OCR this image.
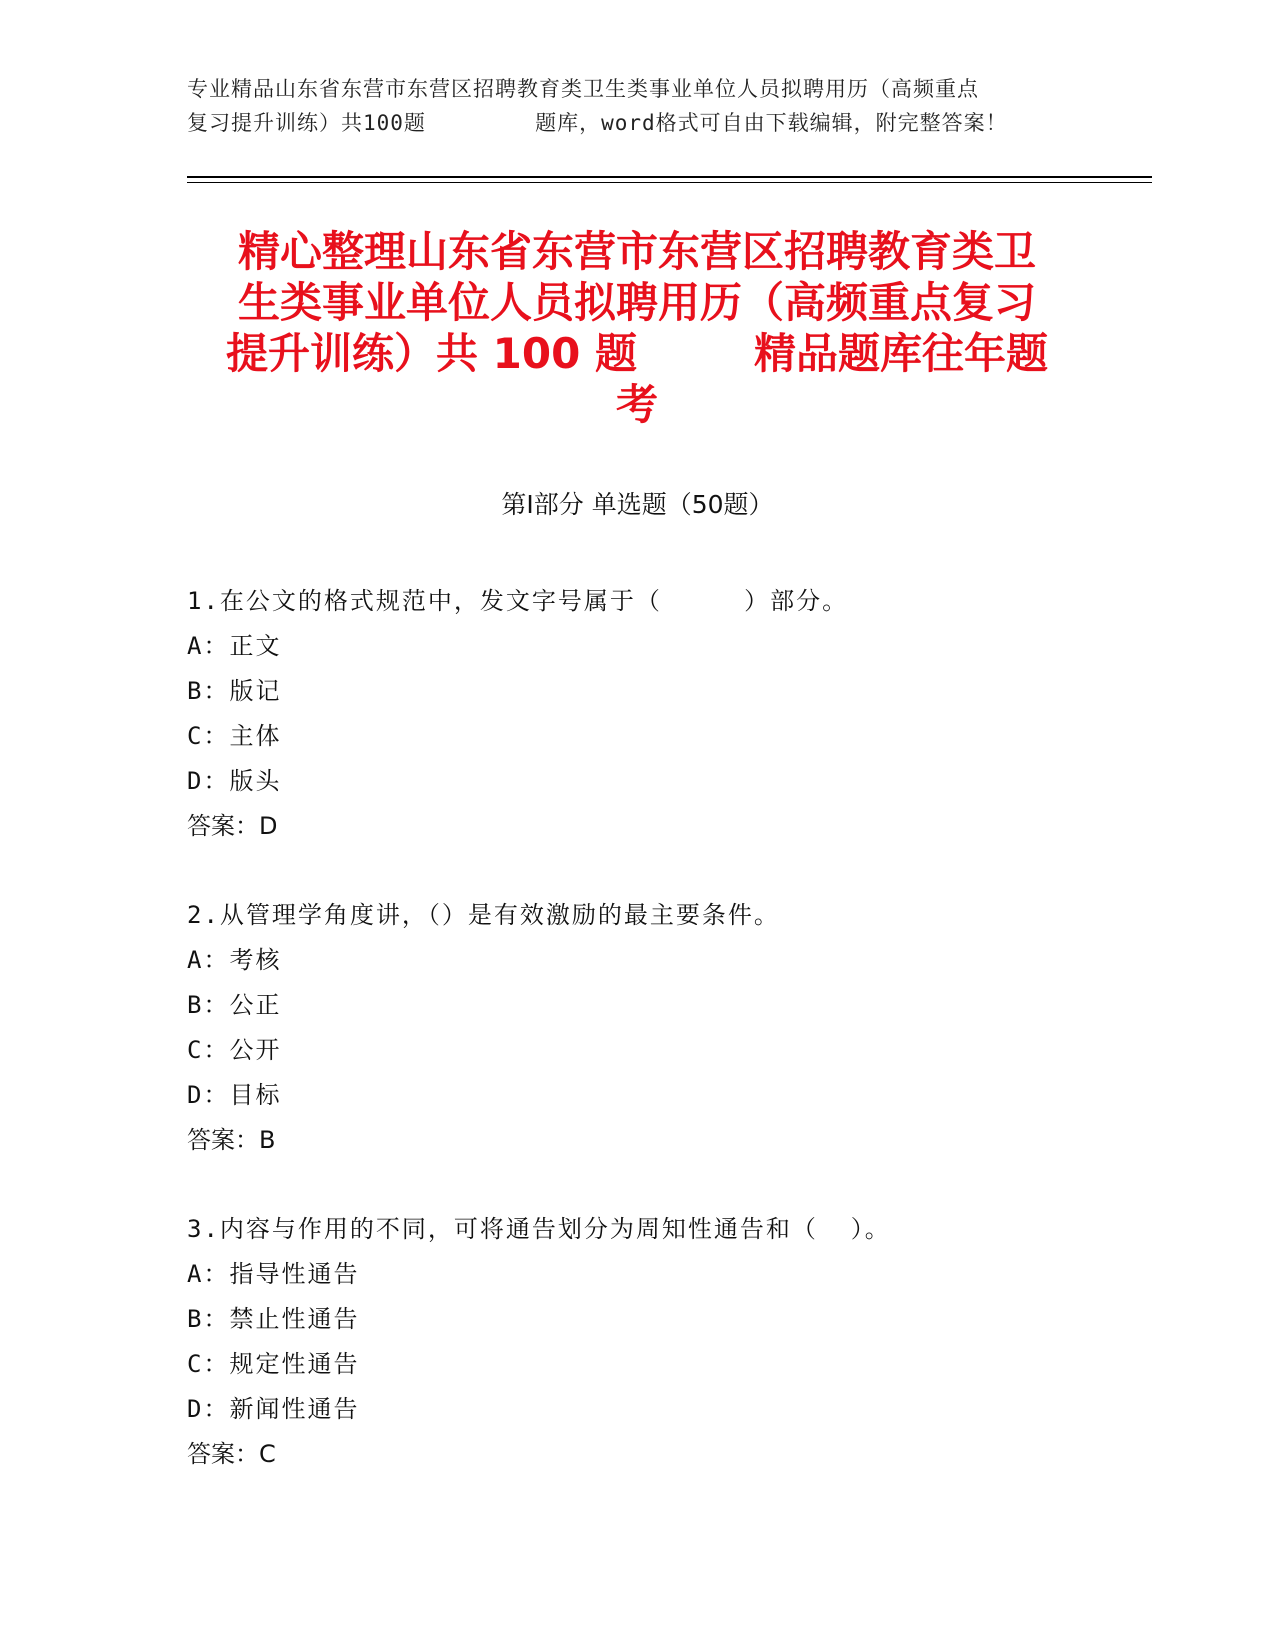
专业精品山东省东营市东营区招聘教育类卫生类事业单位人员拟聘用历（高频重点
复习提升训练）共100题        题库，word格式可自由下载编辑，附完整答案！
精心整理山东省东营市东营区招聘教育类卫
生类事业单位人员拟聘用历（高频重点复习
提升训练）共 100 题        精品题库往年题
考
第Ⅰ部分 单选题（50题）
1.在公文的格式规范中，发文字号属于（     ）部分。
A：正文
B：版记
C：主体
D：版头
答案：D
2.从管理学角度讲，（）是有效激励的最主要条件。
A：考核
B：公正
C：公开
D：目标
答案：B
3.内容与作用的不同，可将通告划分为周知性通告和（  ）。
A：指导性通告
B：禁止性通告
C：规定性通告
D：新闻性通告
答案：C
